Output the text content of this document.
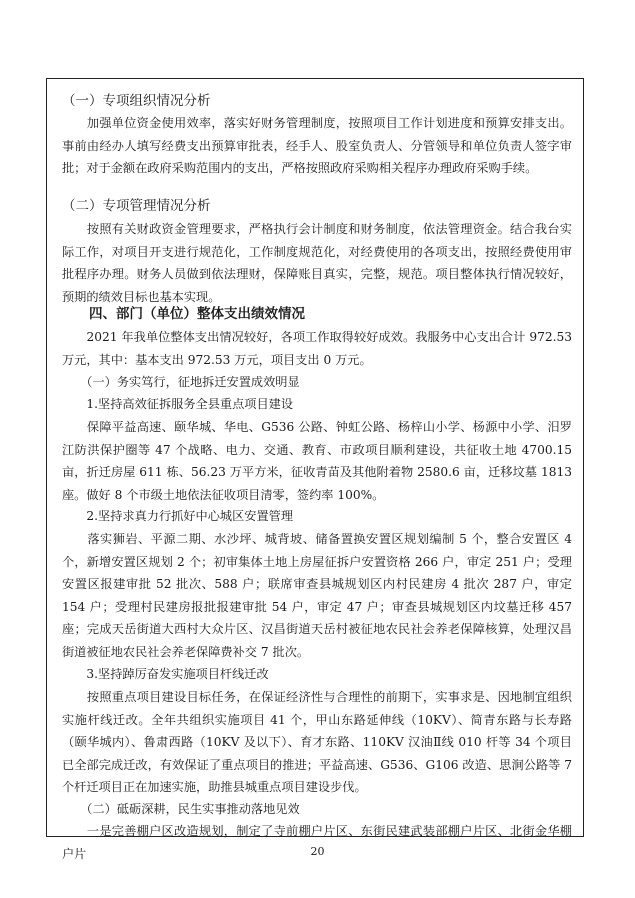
（一）专项组织情况分析

　　加强单位资金使用效率，落实好财务管理制度，按照项目工作计划进度和预算安排支出。事前由经办人填写经费支出预算审批表，经手人、股室负责人、分管领导和单位负责人签字审批；对于金额在政府采购范围内的支出，严格按照政府采购相关程序办理政府采购手续。

（二）专项管理情况分析

　　按照有关财政资金管理要求，严格执行会计制度和财务制度，依法管理资金。结合我台实际工作，对项目开支进行规范化，工作制度规范化，对经费使用的各项支出，按照经费使用审批程序办理。财务人员做到依法理财，保障账目真实，完整，规范。项目整体执行情况较好，预期的绩效目标也基本实现。

　　四、部门（单位）整体支出绩效情况

　　2021 年我单位整体支出情况较好，各项工作取得较好成效。我服务中心支出合计 972.53 万元，其中：基本支出 972.53 万元，项目支出 0 万元。

　　（一）务实笃行，征地拆迁安置成效明显

　　1.坚持高效征拆服务全县重点项目建设

　　保障平益高速、颐华城、华电、G536 公路、钟虹公路、杨梓山小学、杨源中小学、汨罗江防洪保护圈等 47 个战略、电力、交通、教育、市政项目顺利建设，共征收土地 4700.15 亩，折迁房屋 611 栋、56.23 万平方米，征收青苗及其他附着物 2580.6 亩，迁移坟墓 1813 座。做好 8 个市级土地依法征收项目清零，签约率 100%。

　　2.坚持求真力行抓好中心城区安置管理

　　落实狮岩、平源二期、水沙坪、城背坡、储备置换安置区规划编制 5 个，整合安置区 4 个，新增安置区规划 2 个；初审集体土地上房屋征拆户安置资格 266 户，审定 251 户；受理安置区报建审批 52 批次、588 户；联席审查县城规划区内村民建房 4 批次 287 户，审定 154 户；受理村民建房报批报建审批 54 户，审定 47 户；审查县城规划区内坟墓迁移 457 座；完成天岳街道大西村大众片区、汉昌街道天岳村被征地农民社会养老保障核算，处理汉昌街道被征地农民社会养老保障费补交 7 批次。

　　3.坚持踔厉奋发实施项目杆线迁改

　　按照重点项目建设目标任务，在保证经济性与合理性的前期下，实事求是、因地制宜组织实施杆线迁改。全年共组织实施项目 41 个，甲山东路延伸线（10KV）、简青东路与长寿路（颐华城内）、鲁肃西路（10KV 及以下）、育才东路、110KV 汉油Ⅱ线 010 杆等 34 个项目已全部完成迁改，有效保证了重点项目的推进；平益高速、G536、G106 改造、思涧公路等 7 个杆迁项目正在加速实施，助推县城重点项目建设步伐。

　　（二）砥砺深耕，民生实事推动落地见效

　　一是完善棚户区改造规划，制定了寺前棚户片区、东街民建武装部棚户片区、北街金华棚户片	20
